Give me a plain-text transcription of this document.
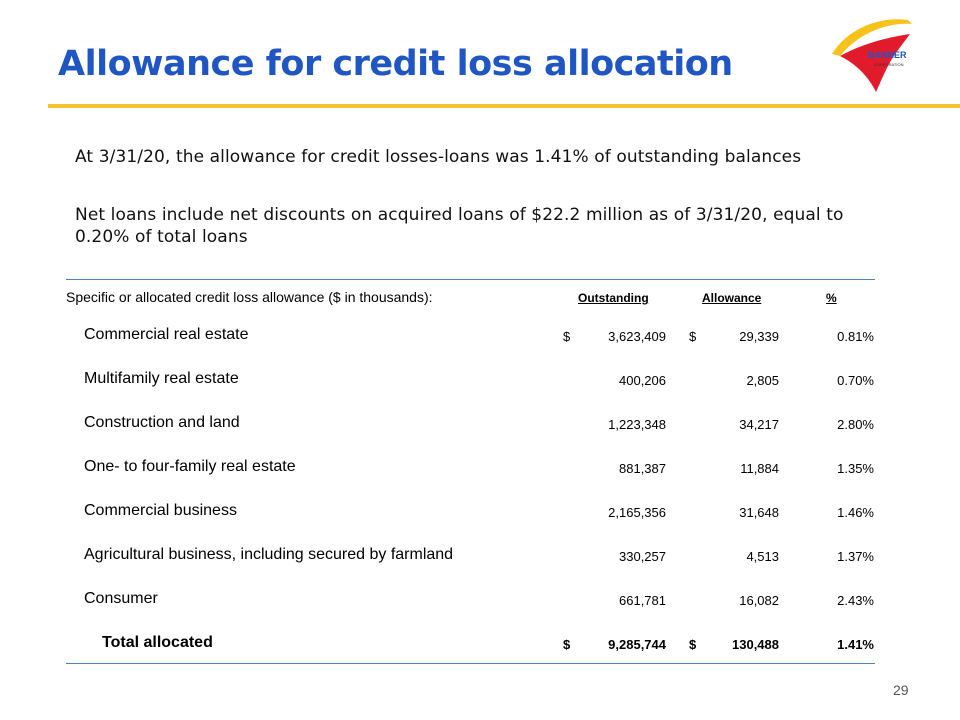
Allowance for credit loss allocation	BANNER
CORPORATION
At 3/31/20, the allowance for credit losses-loans was 1.41% of outstanding balances
Net loans include net discounts on acquired loans of $22.2 million as of 3/31/20, equal to 0.20% of total loans
Specific or allocated credit loss allowance ($ in thousands):	Outstanding	Allowance	%
Commercial real estate	$	3,623,409 $	29,339	0.81%
Multifamily real estate	400,206	2,805	0.70%
Construction and land	1,223,348	34,217	2.80%
One- to four-family real estate	881,387	11,884	1.35%
Commercial business	2,165,356	31,648	1.46%
Agricultural business, including secured by farmland	330,257	4,513	1.37%
Consumer	661,781	16,082	2.43%
Total allocated	$	9,285,744 $	130,488	1.41%
29
